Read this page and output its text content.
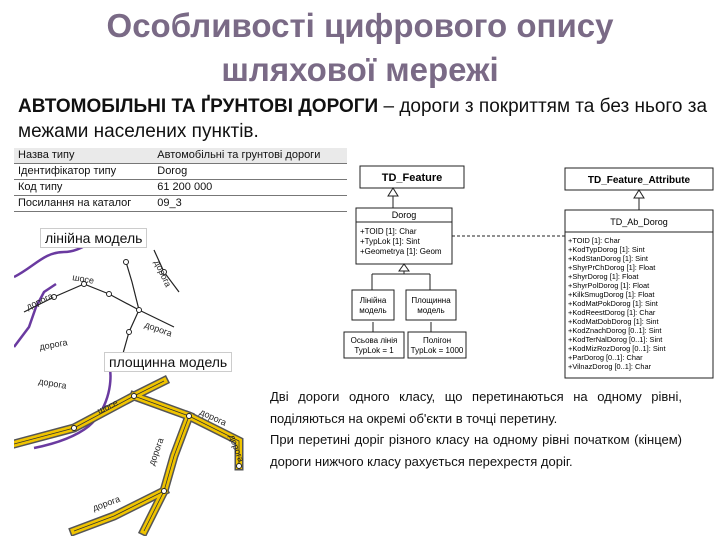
Особливості цифрового опису
шляхової мережі
АВТОМОБІЛЬНІ ТА ҐРУНТОВІ ДОРОГИ – дороги з покриттям та без нього за межами населених пунктів.
Назва типу	Автомобільні та грунтові дороги
Ідентифікатор типу	Dorog
Код типу	61 200 000
Посилання на каталог	09_3
дорога
шосе	дорога
дорога
дорога
лінійна модель
дорога
шосе
дорога
дорога
дорога
дорога
площинна модель
TD_Feature	TD_Feature_Attribute
Dorog
+TOID [1]: Char
+TypLok [1]: Sint
+Geometrya [1]: Geom
Лінійна
модель
Площинна
модель
Осьова лінія
TypLok = 1
Полігон
TypLok = 1000
TD_Ab_Dorog
+TOID [1]: Char
+KodTypDorog [1]: Sint
+KodStanDorog [1]: Sint
+ShyrPrChDorog [1]: Float
+ShyrDorog [1]: Float
+ShyrPolDorog [1]: Float
+KilkSmugDorog [1]: Float
+KodMatPokDorog [1]: Sint
+KodReestDorog [1]: Char
+KodMatDobDorog [1]: Sint
+KodZnachDorog [0..1]: Sint
+KodTerNalDorog [0..1]: Sint
+KodMizRozDorog [0..1]: Sint
+ParDorog [0..1]: Char
+VilnazDorog [0..1]: Char

Дві дороги одного класу, що перетинаються на одному рівні, поділяються на окремі об'єкти в точці перетину.

При перетині доріг різного класу на одному рівні початком (кінцем) дороги нижчого класу рахується перехрестя доріг.
